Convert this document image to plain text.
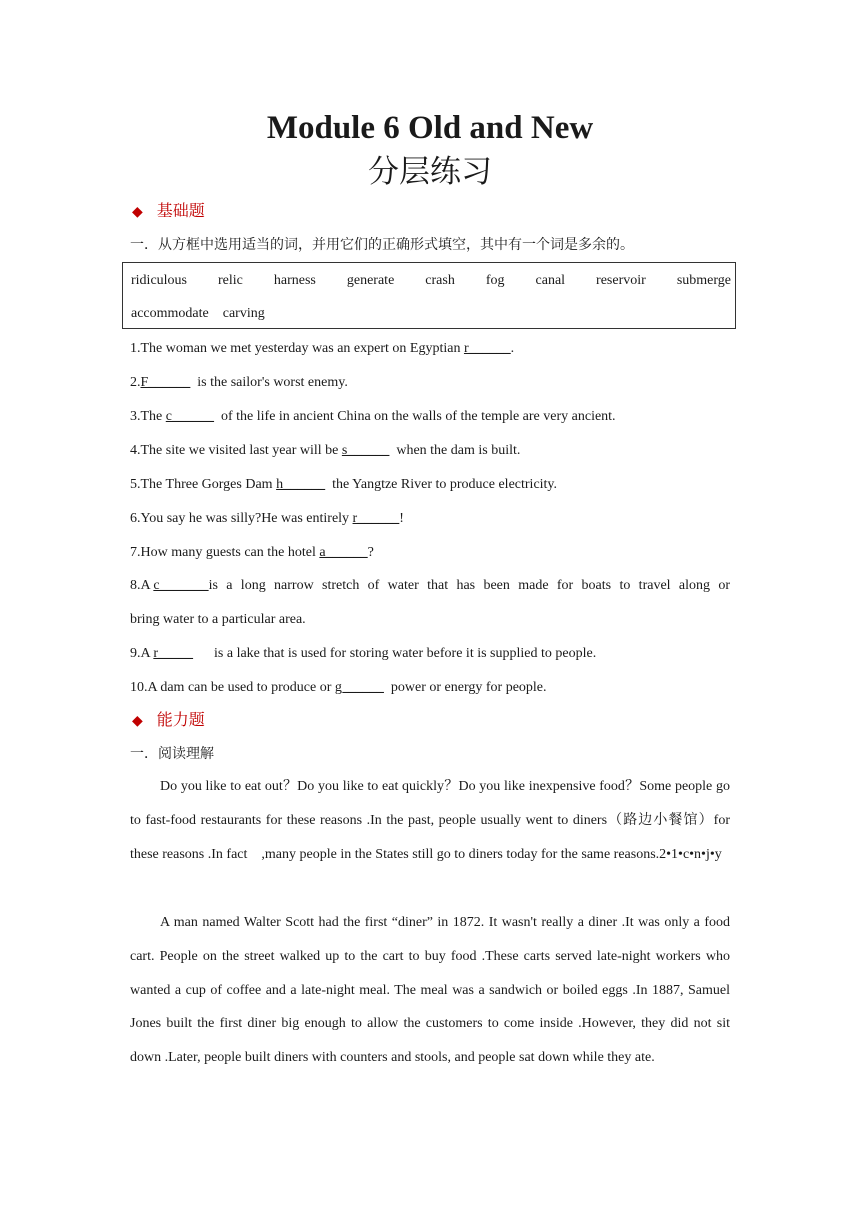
Module 6 Old and New
分层练习
◆ 基础题
一．从方框中选用适当的词，并用它们的正确形式填空，其中有一个词是多余的。
ridiculous relic harness generate crash fog canal reservoir submerge
accommodate carving
1.The woman we met yesterday was an expert on Egyptian r______.
2.F______  is the sailor's worst enemy.
3.The c______  of the life in ancient China on the walls of the temple are very ancient.
4.The site we visited last year will be s______  when the dam is built.
5.The Three Gorges Dam h______  the Yangtze River to produce electricity.
6.You say he was silly?He was entirely r______!
7.How many guests can the hotel a______?
8.A c_______ is a long narrow stretch of water that has been made for boats to travel along or
bring water to a particular area.
9.A r_____      is a lake that is used for storing water before it is supplied to people.
10.A dam can be used to produce or g______  power or energy for people.
◆ 能力题
一．阅读理解
Do you like to eat out？Do you like to eat quickly？Do you like inexpensive food？Some people go to fast-food restaurants for these reasons .In the past, people usually went to diners（路边小餐馆）for these reasons .In fact    ,many people in the States still go to diners today for the same reasons.2•1•c•n•j•y
A man named Walter Scott had the first “diner” in 1872. It wasn't really a diner .It was only a food cart. People on the street walked up to the cart to buy food .These carts served late-night workers who wanted a cup of coffee and a late-night meal. The meal was a sandwich or boiled eggs .In 1887, Samuel Jones built the first diner big enough to allow the customers to come inside .However, they did not sit down .Later, people built diners with counters and stools, and people sat down while they ate.
